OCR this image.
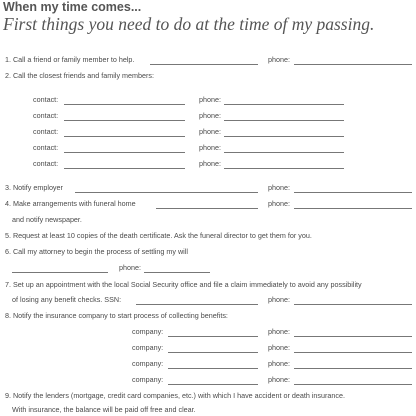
When my time comes...
First things you need to do at the time of my passing.
1. Call a friend or family member to help.	phone:
2. Call the closest friends and family members:
contact:	phone:
contact:	phone:
contact:	phone:
contact:	phone:
contact:	phone:
3. Notify employer	phone:
4. Make arrangements with funeral home	phone:
and notify newspaper.
5. Request at least 10 copies of the death certificate. Ask the funeral director to get them for you.
6. Call my attorney to begin the process of settling my will
phone:
7. Set up an appointment with the local Social Security office and file a claim immediately to avoid any possibility
of losing any benefit checks. SSN:	phone:
8. Notify the insurance company to start process of collecting benefits:
company:	phone:
company:	phone:
company:	phone:
company:	phone:
9. Notify the lenders (mortgage, credit card companies, etc.) with which I have accident or death insurance.
With insurance, the balance will be paid off free and clear.
